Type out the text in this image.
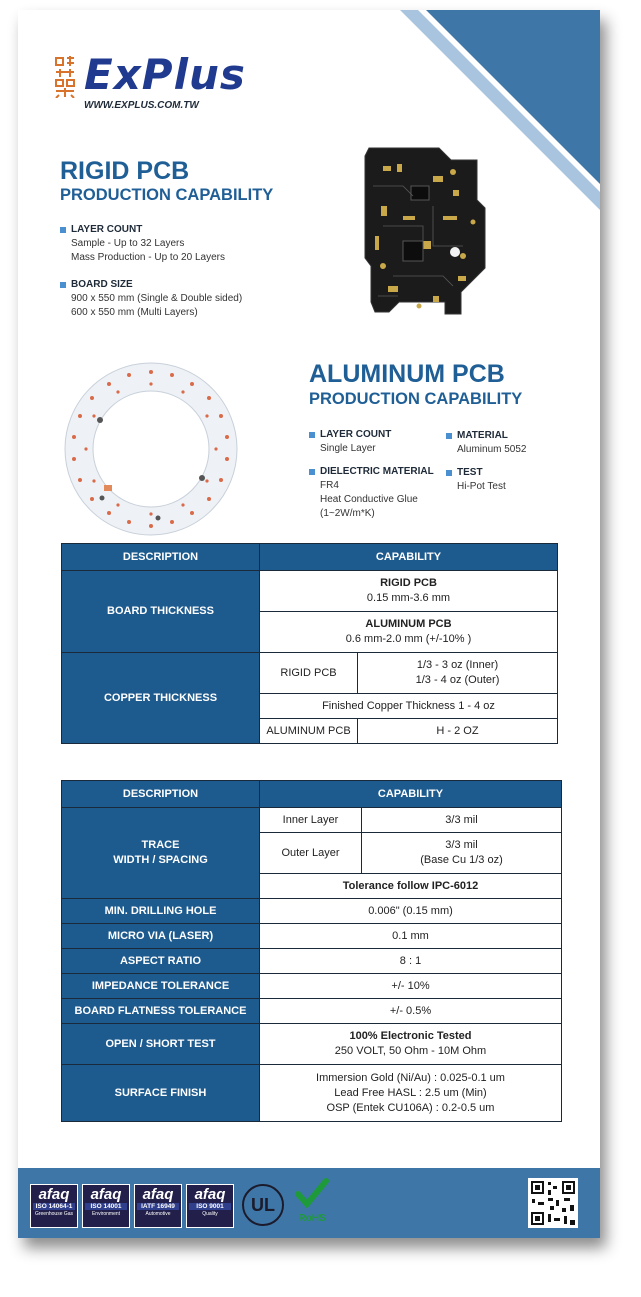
ExPlus
WWW.EXPLUS.COM.TW
RIGID PCB
PRODUCTION CAPABILITY
LAYER COUNT
Sample - Up to 32 Layers
Mass Production - Up to 20 Layers
BOARD SIZE
900 x 550 mm (Single & Double sided)
600 x 550 mm (Multi Layers)
ALUMINUM PCB
PRODUCTION CAPABILITY
LAYER COUNT
Single Layer
MATERIAL
Aluminum 5052
DIELECTRIC MATERIAL
FR4
Heat Conductive Glue
(1~2W/m*K)
TEST
Hi-Pot Test
DESCRIPTION	CAPABILITY	
BOARD THICKNESS	RIGID PCB
0.15 mm-3.6 mm	

	ALUMINUM PCB
0.6 mm-2.0 mm (+/-10% )	
COPPER THICKNESS	RIGID PCB	1/3 - 3 oz (Inner)
1/3 - 4 oz (Outer)
	Finished Copper Thickness 1 - 4 oz	
	ALUMINUM PCB	H - 2 OZ
DESCRIPTION	CAPABILITY	

TRACE
WIDTH / SPACING	Inner Layer	3/3 mil
	Outer Layer	3/3 mil
(Base Cu 1/3 oz)
	Tolerance follow IPC-6012	
MIN. DRILLING HOLE	0.006" (0.15 mm)	
MICRO VIA (LASER)	0.1 mm	
ASPECT RATIO	8 : 1	
IMPEDANCE TOLERANCE	+/- 10%	
BOARD FLATNESS TOLERANCE	+/- 0.5%	
OPEN / SHORT TEST	100% Electronic Tested
250 VOLT, 50 Ohm - 10M Ohm	
SURFACE FINISH	Immersion Gold (Ni/Au) : 0.025-0.1 um
Lead Free HASL : 2.5 um (Min)
OSP (Entek CU106A) : 0.2-0.5 um	
afaq
ISO 14064-1
Greenhouse Gas
afaq
ISO 14001
Environment
afaq
IATF 16949
Automotive
afaq
ISO 9001
Quality	UL
RoHS
